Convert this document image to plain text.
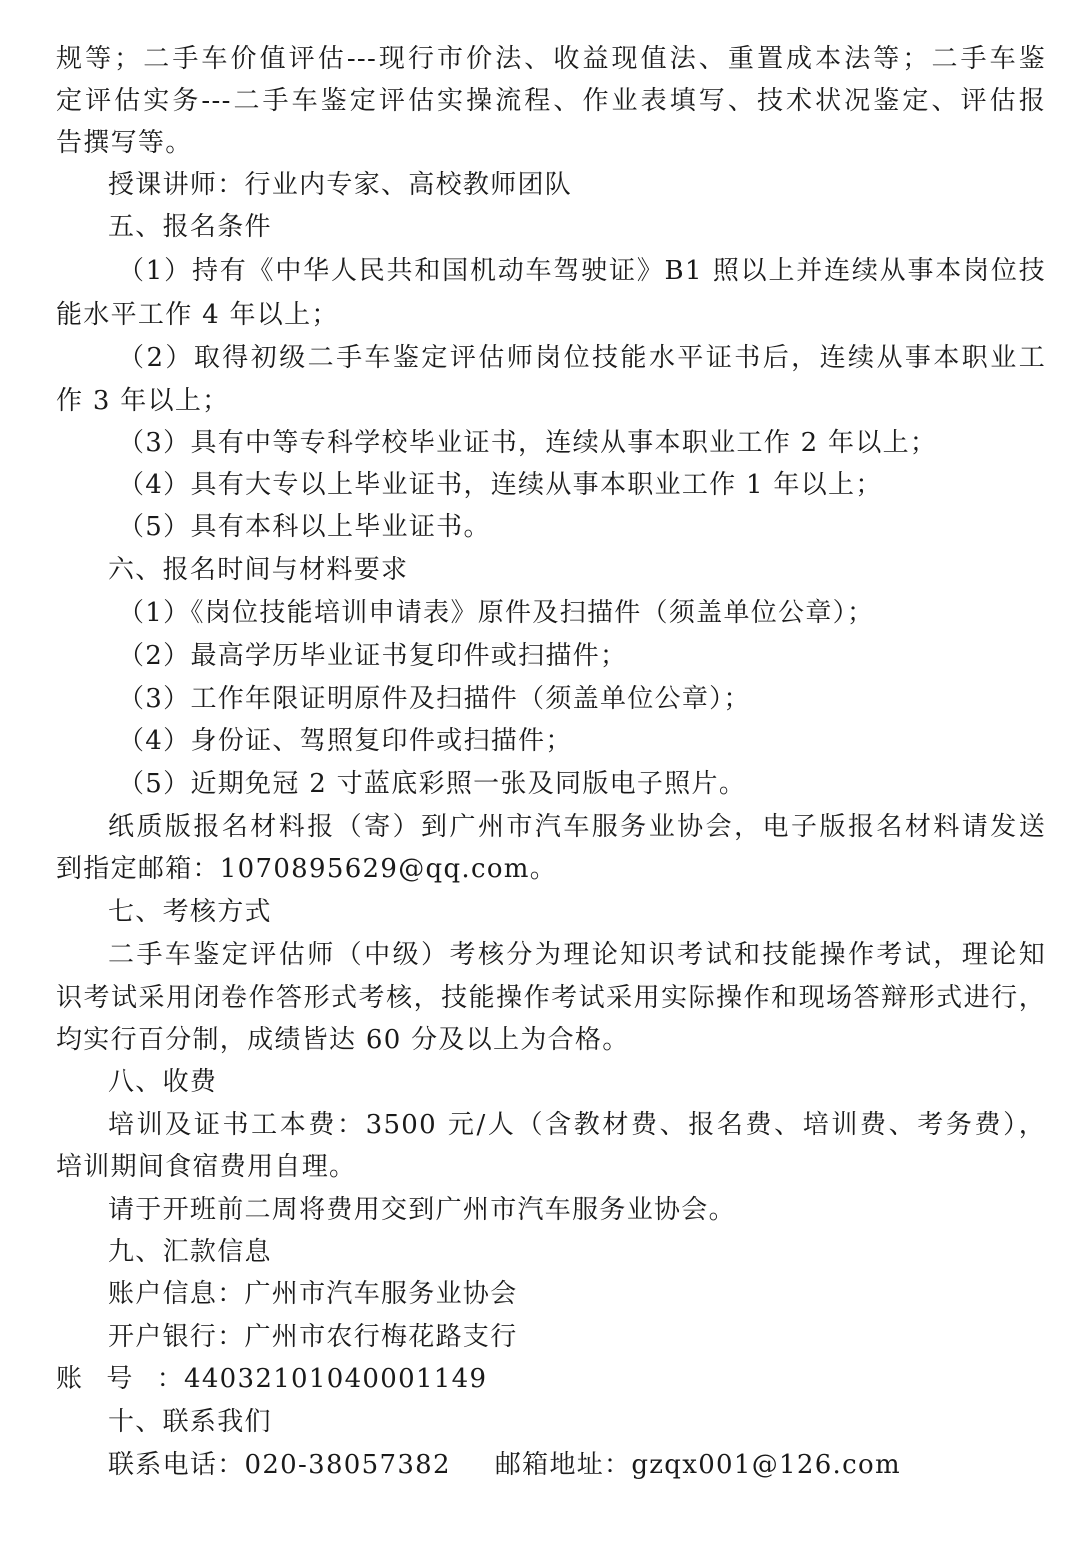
规等；二手车价值评估---现行市价法、收益现值法、重置成本法等；二手车鉴
定评估实务---二手车鉴定评估实操流程、作业表填写、技术状况鉴定、评估报
告撰写等。
授课讲师：行业内专家、高校教师团队
五、报名条件
（1）持有《中华人民共和国机动车驾驶证》B1 照以上并连续从事本岗位技
能水平工作 4 年以上；
（2）取得初级二手车鉴定评估师岗位技能水平证书后，连续从事本职业工
作 3 年以上；
（3）具有中等专科学校毕业证书，连续从事本职业工作 2 年以上；
（4）具有大专以上毕业证书，连续从事本职业工作 1 年以上；
（5）具有本科以上毕业证书。
六、报名时间与材料要求
（1）《岗位技能培训申请表》原件及扫描件（须盖单位公章）；
（2）最高学历毕业证书复印件或扫描件；
（3）工作年限证明原件及扫描件（须盖单位公章）；
（4）身份证、驾照复印件或扫描件；
（5）近期免冠 2 寸蓝底彩照一张及同版电子照片。
纸质版报名材料报（寄）到广州市汽车服务业协会，电子版报名材料请发送
到指定邮箱：1070895629@qq.com。
七、考核方式
二手车鉴定评估师（中级）考核分为理论知识考试和技能操作考试，理论知
识考试采用闭卷作答形式考核，技能操作考试采用实际操作和现场答辩形式进行，
均实行百分制，成绩皆达 60 分及以上为合格。
八、收费
培训及证书工本费：3500 元/人（含教材费、报名费、培训费、考务费），
培训期间食宿费用自理。
请于开班前二周将费用交到广州市汽车服务业协会。
九、汇款信息
账户信息：广州市汽车服务业协会
开户银行：广州市农行梅花路支行
账号：44032101040001149
十、联系我们
联系电话：020-38057382 邮箱地址：gzqx001@126.com
